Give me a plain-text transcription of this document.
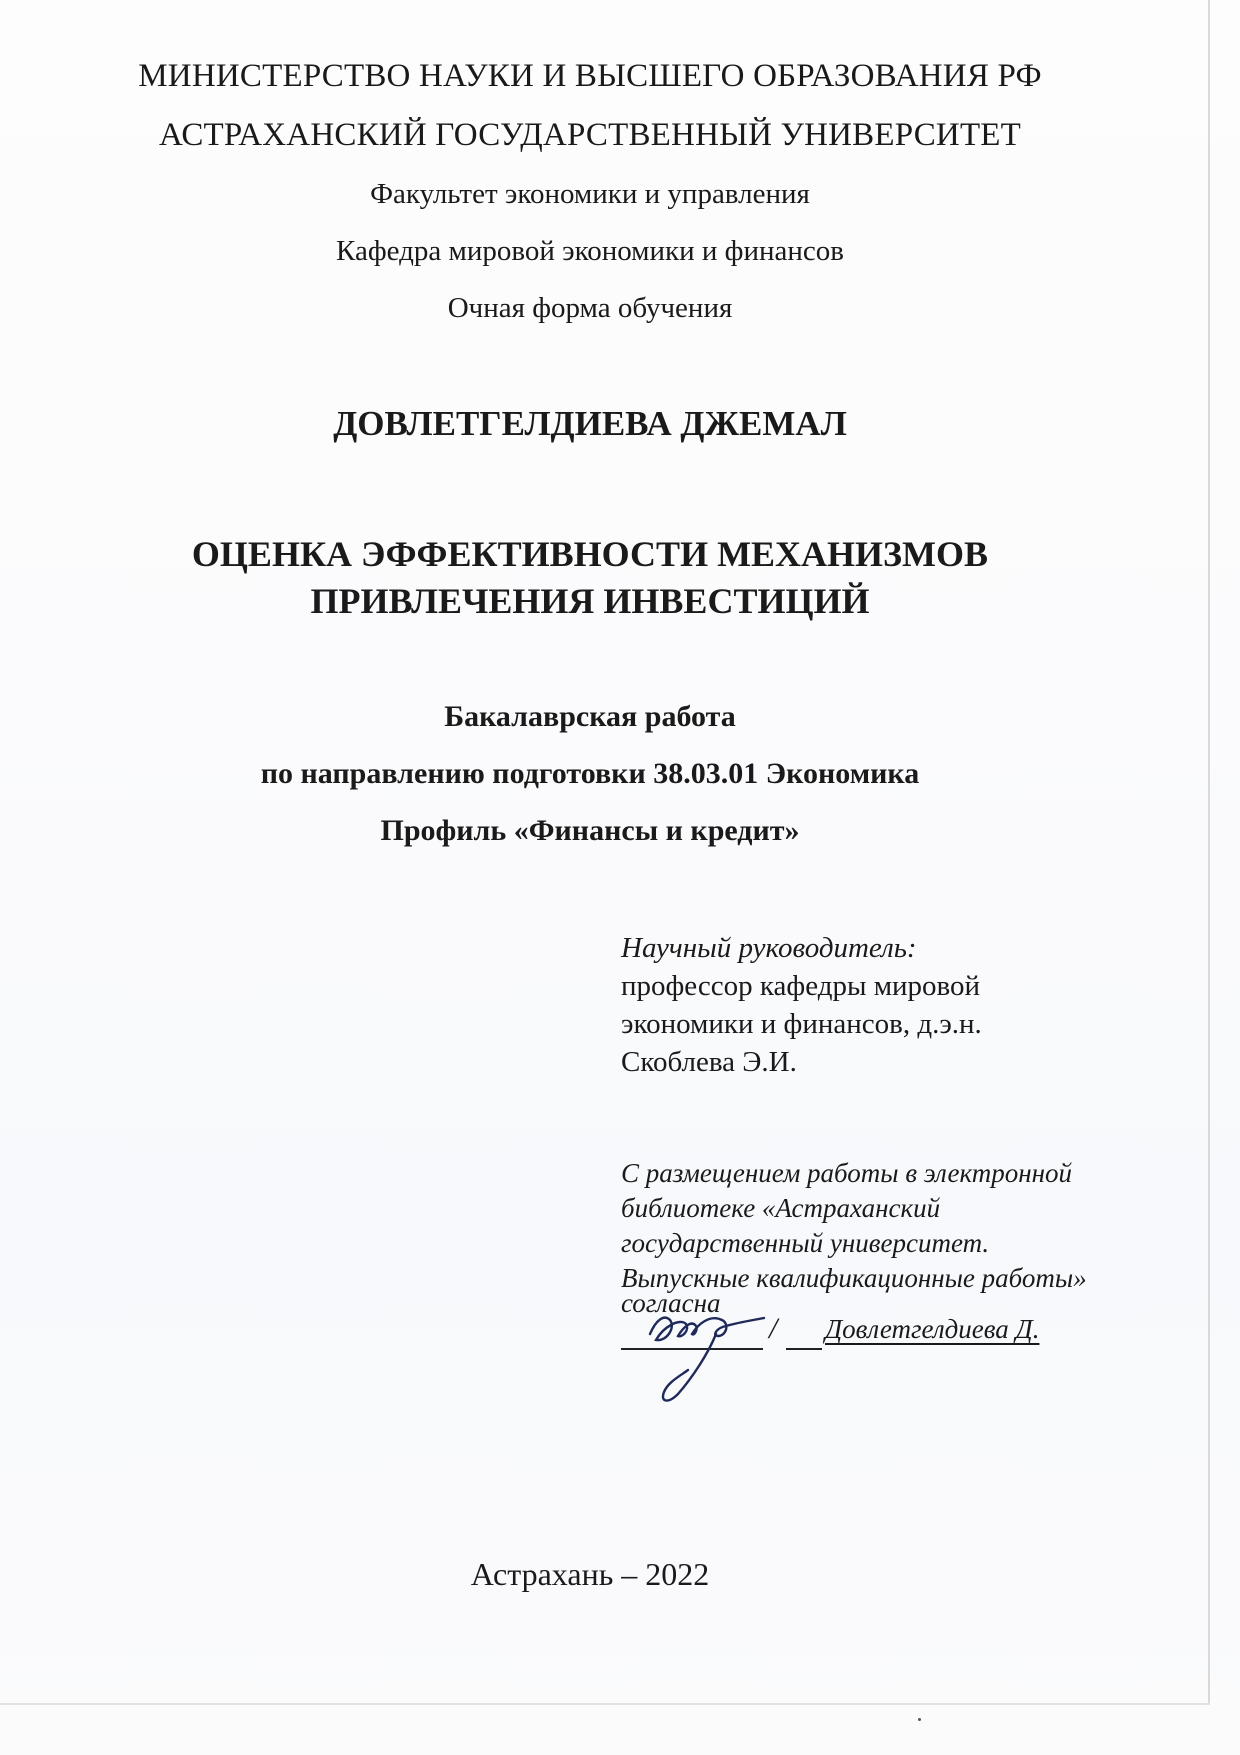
МИНИСТЕРСТВО НАУКИ И ВЫСШЕГО ОБРАЗОВАНИЯ РФ
АСТРАХАНСКИЙ ГОСУДАРСТВЕННЫЙ УНИВЕРСИТЕТ
Факультет экономики и управления
Кафедра мировой экономики и финансов
Очная форма обучения
ДОВЛЕТГЕЛДИЕВА ДЖЕМАЛ
ОЦЕНКА ЭФФЕКТИВНОСТИ МЕХАНИЗМОВ
ПРИВЛЕЧЕНИЯ ИНВЕСТИЦИЙ
Бакалаврская работа
по направлению подготовки 38.03.01 Экономика
Профиль «Финансы и кредит»
Научный руководитель:
профессор кафедры мировой
экономики и финансов, д.э.н.
Скоблева Э.И.
С размещением работы в электронной
библиотеке «Астраханский
государственный университет.
Выпускные квалификационные работы»
согласна
/ Довлетгелдиева Д.
Астрахань – 2022
